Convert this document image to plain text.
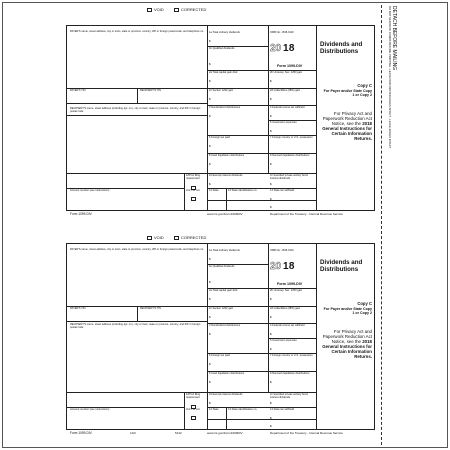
DETACH BEFORE MAILING
DO NOT SEPARATE FORMS BEFORE PRINTING - LEAVE PERFORATED EDGES INTACT - LEAVE EDGES INTACT
VOID	CORRECTED
PAYER'S name, street address, city or town, state or province, country, ZIP or foreign postal code, and telephone no.	1a Total ordinary dividends
$
1b Qualified dividends
$
OMB No. 1545-0110
20 18
Form 1099-DIV
Dividends and Distributions
2a Total capital gain distr.
$
2b Unrecap. Sec. 1250 gain
$
PAYER'S TIN	RECIPIENT'S TIN	2c Section 1202 gain
$
2d Collectibles (28%) gain
$
RECIPIENT'S name, street address (including apt. no.), city or town, state or province, country, and ZIP or foreign postal code
3 Nondividend distributions
$
4 Federal income tax withheld
$
5 Investment expenses
$
6 Foreign tax paid
$
7 Foreign country or U.S. possession
8 Cash liquidation distributions
$
9 Noncash liquidation distributions
$
FATCA filing requirement
10 Exempt-interest dividends
$
11 Specified private activity bond interest dividends
$
Account number (see instructions)	2nd TIN not.	12 State	13 State identification no.	14 State tax withheld
$
$
Copy C
For Payer and/or State Copy 1 or Copy 2
For Privacy Act and Paperwork Reduction Act Notice, see the 2018 General Instructions for Certain Information Returns.
Form 1099-DIV	www.irs.gov/Form1099DIV	Department of the Treasury - Internal Revenue Service
VOID	CORRECTED
PAYER'S name, street address, city or town, state or province, country, ZIP or foreign postal code, and telephone no.	1a Total ordinary dividends
$
1b Qualified dividends
$
OMB No. 1545-0110
20 18
Form 1099-DIV
Dividends and Distributions
2a Total capital gain distr.
$
2b Unrecap. Sec. 1250 gain
$
PAYER'S TIN	RECIPIENT'S TIN	2c Section 1202 gain
$
2d Collectibles (28%) gain
$
RECIPIENT'S name, street address (including apt. no.), city or town, state or province, country, and ZIP or foreign postal code
3 Nondividend distributions
$
4 Federal income tax withheld
$
5 Investment expenses
$
6 Foreign tax paid
$
7 Foreign country or U.S. possession
8 Cash liquidation distributions
$
9 Noncash liquidation distributions
$
FATCA filing requirement
10 Exempt-interest dividends
$
11 Specified private activity bond interest dividends
$
Account number (see instructions)	2nd TIN not.	12 State	13 State identification no.	14 State tax withheld
$
$
Copy C
For Payer and/or State Copy 1 or Copy 2
For Privacy Act and Paperwork Reduction Act Notice, see the 2018 General Instructions for Certain Information Returns.
Form 1099-DIV	LDC	5132	www.irs.gov/Form1099DIV	Department of the Treasury - Internal Revenue Service
